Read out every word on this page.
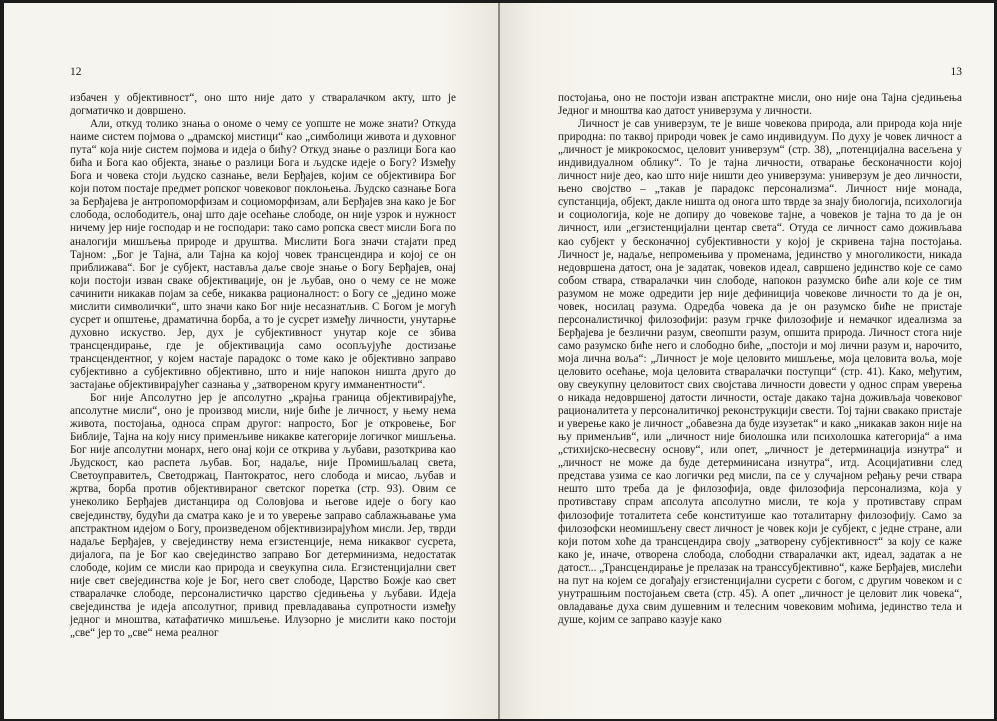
12

избачен у објективност“, оно што није дато у стваралачком акту, што је догматичко и довршено.

Али, откуд толико знања о ономе о чему се уопште не може знати? Откуда наиме систем појмова о „драмској мистици“ као „симболици живота и духовног пута“ која није систем појмова и идеја о бићу? Откуд знање о разлици Бога као бића и Бога као објекта, знање о разлици Бога и људске идеје о Богу? Између Бога и човека стоји људско сазнање, вели Берђајев, којим се објективира Бог који потом постаје предмет ропског човековог поклоњења. Људско сазнање Бога за Берђајева је антропоморфизам и социоморфизам, али Берђајев зна како је Бог слобода, ослободитељ, онај што даје осећање слободе, он није узрок и нужност ничему јер није господар и не господари: тако само ропска свест мисли Бога по аналогији мишљења природе и друштва. Мислити Бога значи стајати пред Тајном: „Бог је Тајна, али Тајна ка којој човек трансцендира и којој се он приближава“. Бог је субјект, наставља даље своје знање о Богу Берђајев, онај који постоји изван сваке објективације, он је љубав, оно о чему се не може сачинити никакав појам за себе, никаква рационалност: о Богу се „једино може мислити символички“, што значи како Бог није несазнатљив. С Богом је могућ сусрет и општење, драматична борба, а то је сусрет између личности, унутарње духовно искуство. Јер, дух је субјективност унутар које се збива трансцендирање, где је објективација само осопљујуће достизање трансцендентног, у којем настаје парадокс о томе како је објективно заправо субјективно а субјективно објективно, што и није напокон ништа друго до застајање објективирајућег сазнања у „затвореном кругу имманентности“.

Бог није Апсолутно јер је апсолутно „крајња граница објективирајуће, апсолутне мисли“, оно је производ мисли, није биће је личност, у њему нема живота, постојања, односа спрам другог: напросто, Бог је откровење, Бог Библије, Тајна на коју нису применљиве никакве категорије логичког мишљења. Бог није апсолутни монарх, него онај који се открива у љубави, разоткрива као Људскост, као распета љубав. Бог, надаље, није Промишљалац света, Светоуправитељ, Светодржац, Пантократос, него слобода и мисао, љубав и жртва, борба против објективираног светског поретка (стр. 93). Овим се унеколико Берђајев дистанцира од Соловјова и његове идеје о богу као свејединству, будући да сматра како је и то уверење заправо саблажњавање ума апстрактном идејом о Богу, произведеном објективизирајућом мисли. Јер, тврди надаље Берђајев, у свејединству нема егзистенције, нема никаквог сусрета, дијалога, па је Бог као свејединство заправо Бог детерминизма, недостатак слободе, којим се мисли као природа и свеукупна сила. Егзистенцијални свет није свет свејединства које је Бог, него свет слободе, Царство Божје као свет стваралачке слободе, персоналистичко царство сједињења у љубави. Идеја свејединства је идеја апсолутног, привид превладавања супротности између једног и мноштва, катафатичко мишљење. Илузорно је мислити како постоји „све“ јер то „све“ нема реалног

13

постојања, оно не постоји изван апстрактне мисли, оно није она Тајна сједињења Једног и мноштва као датост универзума у личности.

Личност је сав универзум, те је више човекова природа, али природа која није природна: по таквој природи човек је само индивидуум. По духу је човек личност а „личност је микрокосмос, целовит универзум“ (стр. 38), „потенцијална васељена у индивидуалном облику“. То је тајна личности, отварање бесконачности којој личност није део, као што није ништи део универзума: универзум је део личности, њено својство – „такав је парадокс персонализма“. Личност није монада, супстанција, објект, дакле ништа од онога што тврде за знају биологија, психологија и социологија, које не допиру до човекове тајне, а човеков је тајна то да је он личност, или „егзистенцијални центар света“. Отуда се личност само доживљава као субјект у бесконачној субјективности у којој је скривена тајна постојања. Личност је, надаље, непромењива у променама, јединство у многоликости, никада недовршена датост, она је задатак, човеков идеал, савршено јединство које се само собом ствара, стваралачки чин слободе, напокон разумско биће али које се тим разумом не може одредити јер није дефиниција човекове личности то да је он, човек, носилац разума. Одредба човека да је он разумско биће не пристаје персоналистичкој филозофији: разум грчке филозофије и немачког идеализма за Берђајева је безлични разум, свеопшти разум, опшита природа. Личност стога није само разумско биће него и слободно биће, „постоји и мој лични разум и, нарочито, моја лична воља“: „Личност је моје целовито мишљење, моја целовита воља, моје целовито осећање, моја целовита стваралачки поступци“ (стр. 41). Како, међутим, ову свеукупну целовитост свих својстава личности довести у однос спрам уверења о никада недовршеној датости личности, остаје дакако тајна доживљаја човековог рационалитета у персоналитичкој реконструкцији свести. Тој тајни свакако пристаје и уверење како је личност „обавезна да буде изузетак“ и како „никакав закон није на њу применљив“, или „личност није биолошка или психолошка категорија“ а има „стихијско-несвесну основу“, или опет, „личност је детерминација изнутра“ и „личност не може да буде детерминисана изнутра“, итд. Асоцијативни след представа узима се као логички ред мисли, па се у случајном ређању речи ствара нешто што треба да је филозофија, овде филозофија персонализма, која у противставу спрам апсолута апсолутно мисли, те која у противставу спрам филозофије тоталитета себе конституише као тоталитарну филозофију. Само за филозофски неомишљену свест личност је човек који је субјект, с једне стране, али који потом хоће да трансцендира своју „затворену субјективност“ за коју се каже како је, иначе, отворена слобода, слободни стваралачки акт, идеал, задатак а не датост... „Трансцендирање је прелазак на транссубјективно“, каже Берђајев, мислећи на пут на којем се догађају егзистенцијални сусрети с богом, с другим човеком и с унутрашњим постојањем света (стр. 45). А опет „личност је целовит лик човека“, овладавање духа свим душевним и телесним човековим моћима, јединство тела и душе, којим се заправо казује како
